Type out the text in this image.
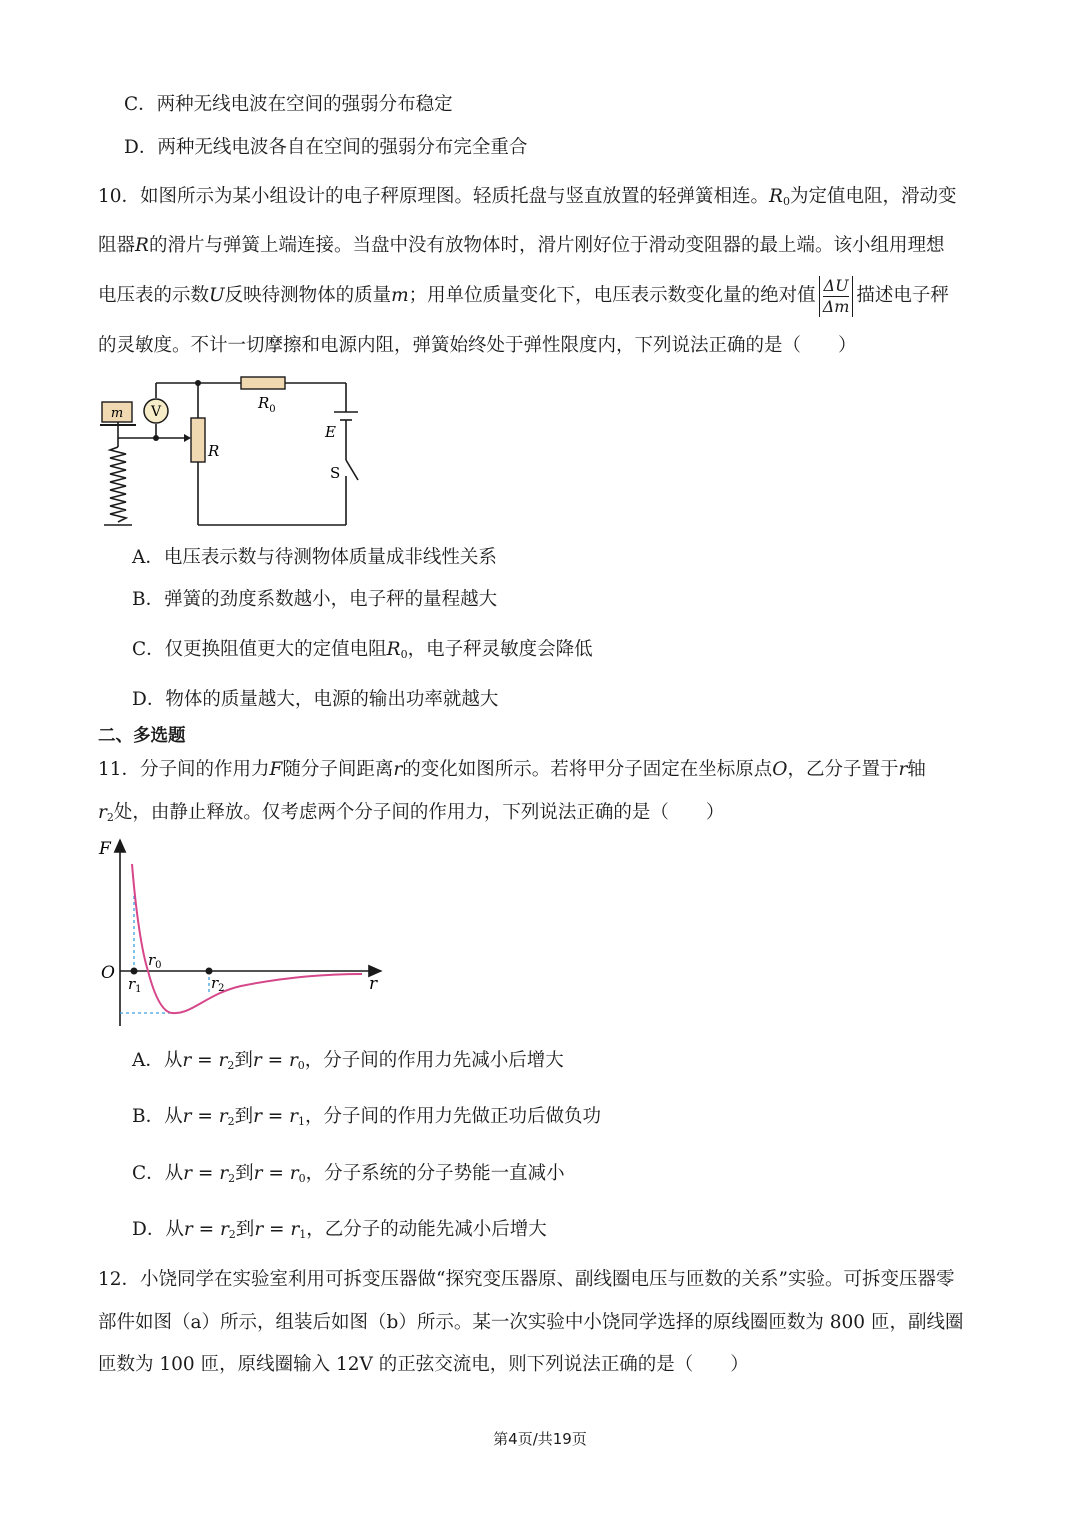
C．两种无线电波在空间的强弱分布稳定
D．两种无线电波各自在空间的强弱分布完全重合
10．如图所示为某小组设计的电子秤原理图。轻质托盘与竖直放置的轻弹簧相连。$R_0$为定值电阻，滑动变
阻器R的滑片与弹簧上端连接。当盘中没有放物体时，滑片刚好位于滑动变阻器的最上端。该小组用理想
电压表的示数U反映待测物体的质量m；用单位质量变化下，电压表示数变化量的绝对值 $\frac{\Delta U}{\Delta m}$ 描述电子秤
的灵敏度。不计一切摩擦和电源内阻，弹簧始终处于弹性限度内，下列说法正确的是（　　）
m V	$R_0$
R
E
S
A．电压表示数与待测物体质量成非线性关系
B．弹簧的劲度系数越小，电子秤的量程越大
C．仅更换阻值更大的定值电阻$R_0$，电子秤灵敏度会降低
D．物体的质量越大，电源的输出功率就越大
二、多选题
11．分子间的作用力F随分子间距离r的变化如图所示。若将甲分子固定在坐标原点O，乙分子置于r轴
$r_2$处，由静止释放。仅考虑两个分子间的作用力，下列说法正确的是（　　）
F
r
O
$r_0$
$r_1$	$r_2$
A．从$r = r_2$到$r = r_0$，分子间的作用力先减小后增大
B．从$r = r_2$到$r = r_1$，分子间的作用力先做正功后做负功
C．从$r = r_2$到$r = r_0$，分子系统的分子势能一直减小
D．从$r = r_2$到$r = r_1$，乙分子的动能先减小后增大
12．小饶同学在实验室利用可拆变压器做“探究变压器原、副线圈电压与匝数的关系”实验。可拆变压器零
部件如图（a）所示，组装后如图（b）所示。某一次实验中小饶同学选择的原线圈匝数为 800 匝，副线圈
匝数为 100 匝，原线圈输入 12V 的正弦交流电，则下列说法正确的是（　　）
第4页/共19页
